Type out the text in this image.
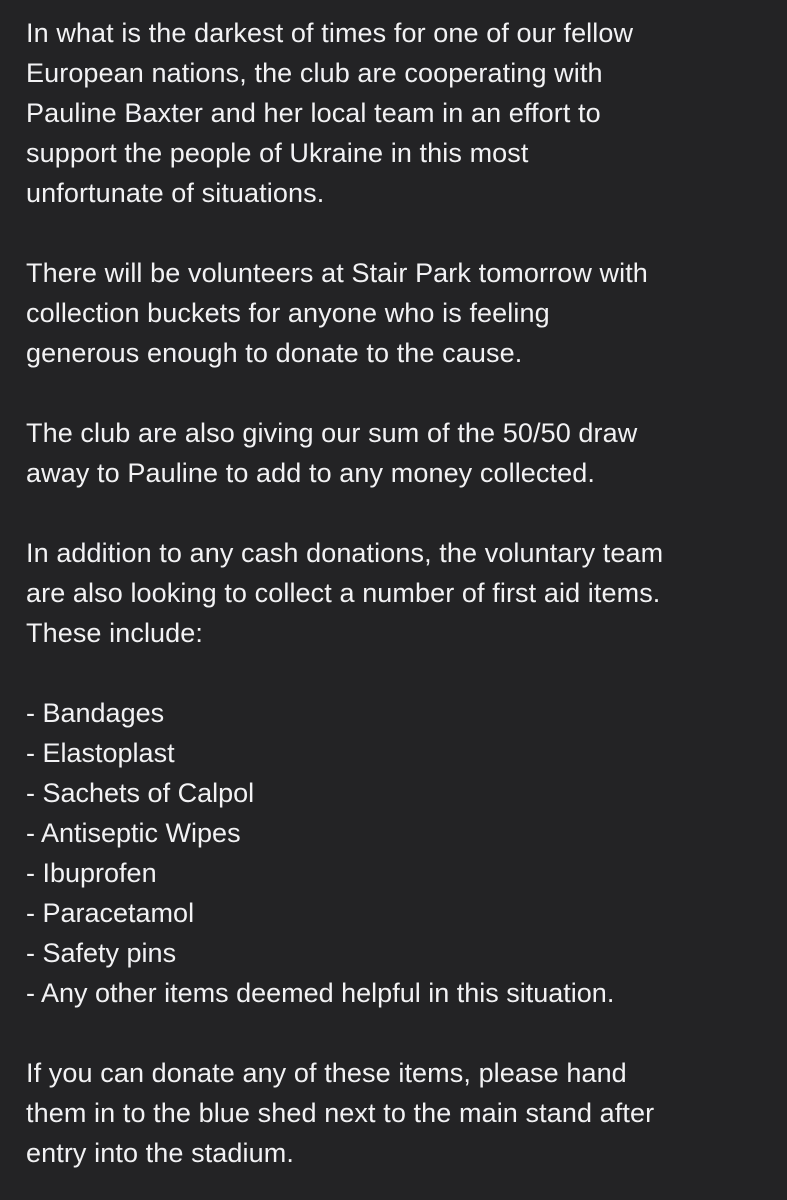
In what is the darkest of times for one of our fellow
European nations, the club are cooperating with
Pauline Baxter and her local team in an effort to
support the people of Ukraine in this most
unfortunate of situations.
There will be volunteers at Stair Park tomorrow with
collection buckets for anyone who is feeling
generous enough to donate to the cause.
The club are also giving our sum of the 50/50 draw
away to Pauline to add to any money collected.
In addition to any cash donations, the voluntary team
are also looking to collect a number of first aid items.
These include:
- Bandages
- Elastoplast
- Sachets of Calpol
- Antiseptic Wipes
- Ibuprofen
- Paracetamol
- Safety pins
- Any other items deemed helpful in this situation.
If you can donate any of these items, please hand
them in to the blue shed next to the main stand after
entry into the stadium.
